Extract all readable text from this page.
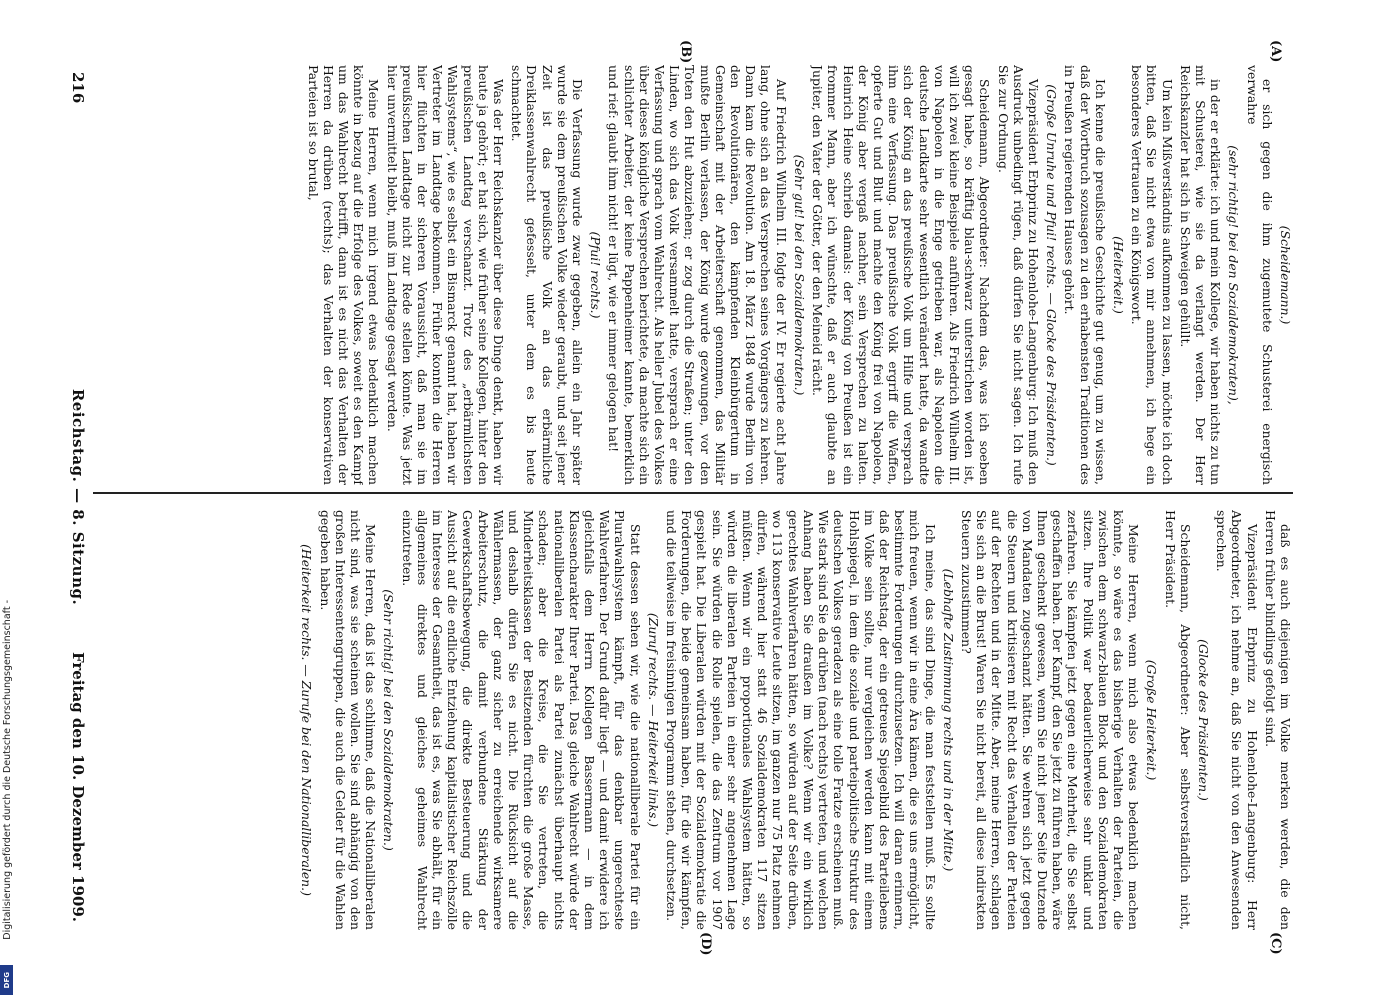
216
Reichstag. — 8. Sitzung.
Freitag den 10. Dezember 1909.
(A)
(B)
(C)
(D)

(Scheidemann.)

er sich gegen die ihm zugemutete Schusterei energisch verwahre

(sehr richtig! bei den Sozialdemokraten),

in der er erklärte: ich und mein Kollege, wir haben nichts zu tun mit Schusterei, wie sie da verlangt werden. Der Herr Reichskanzler hat sich in Schweigen gehüllt.

Um kein Mißverständnis aufkommen zu lassen, möchte ich doch bitten, daß Sie nicht etwa von mir annehmen, ich hege ein besonderes Vertrauen zu ein Königswort.

(Heiterkeit.)

Ich kenne die preußische Geschichte gut genug, um zu wissen, daß der Wortbruch sozusagen zu den erhabensten Traditionen des in Preußen regierenden Hauses gehört.

(Große Unruhe und Pfui! rechts. — Glocke des Präsidenten.)

Vizepräsident Erbprinz zu Hohenlohe-Langenburg: Ich muß den Ausdruck unbedingt rügen, daß dürfen Sie nicht sagen. Ich rufe Sie zur Ordnung.

Scheidemann, Abgeordneter: Nachdem das, was ich soeben gesagt habe, so kräftig blau-schwarz unterstrichen worden ist, will ich zwei kleine Beispiele anführen. Als Friedrich Wilhelm III. von Napoleon in die Enge getrieben war, als Napoleon die deutsche Landkarte sehr wesentlich verändert hatte, da wandte sich der König an das preußische Volk um Hilfe und versprach ihm eine Verfassung. Das preußische Volk ergriff die Waffen, opferte Gut und Blut und machte den König frei von Napoleon, der König aber vergaß nachher, sein Versprechen zu halten. Heinrich Heine schrieb damals: der König von Preußen ist ein frommer Mann, aber ich wünschte, daß er auch glaubte an Jupiter, den Vater der Götter, der den Meineid rächt.

(Sehr gut! bei den Sozialdemokraten.)

Auf Friedrich Wilhelm III. folgte der IV. Er regierte acht Jahre lang, ohne sich an das Versprechen seines Vorgängers zu kehren. Dann kam die Revolution. Am 18. März 1848 wurde Berlin von den Revolutionären, den kämpfenden Kleinbürgertum in Gemeinschaft mit der Arbeiterschaft genommen, das Militär mußte Berlin verlassen, der König wurde gezwungen, vor den Toten den Hut abzuziehen; er zog durch die Straßen; unter den Linden, wo sich das Volk versammelt hatte, versprach er eine Verfassung und sprach vom Wahlrecht. Als heller Jubel des Volkes über dieses königliche Versprechen berichtete, da machte sich ein schlichter Arbeiter, der keine Pappenheimer kannte, bemerklich und rief: glaubt ihm nicht! er lügt, wie er immer gelogen hat!

(Pfui! rechts.)

Die Verfassung wurde zwar gegeben, allein ein Jahr später wurde sie dem preußischen Volke wieder geraubt, und seit jener Zeit ist das preußische Volk an das erbärmliche Dreiklassenwahlrecht gefesselt, unter dem es bis heute schmachtet.

Was der Herr Reichskanzler über diese Dinge denkt, haben wir heute ja gehört; er hat sich, wie früher seine Kollegen, hinter den preußischen Landtag verschanzt. Trotz des „erbärmlichsten Wahlsystems“, wie es selbst ein Bismarck genannt hat, haben wir Vertreter im Landtage bekommen. Früher konnten die Herren hier flüchten in der sicheren Voraussicht, daß man sie im preußischen Landtage nicht zur Rede stellen könnte. Was jetzt hier unvermittelt bleibt, muß im Landtage gesagt werden.

Meine Herren, wenn mich irgend etwas bedenklich machen könnte in bezug auf die Erfolge des Volkes, soweit es den Kampf um das Wahlrecht betrifft, dann ist es nicht das Verhalten der Herren da drüben (rechts); das Verhalten der konservativen Parteien ist so brutal,

daß es auch diejenigen im Volke merken werden, die den Herren früher blindlings gefolgt sind.

Vizepräsident Erbprinz zu Hohenlohe-Langenburg: Herr Abgeordneter, ich nehme an, daß Sie nicht von den Anwesenden sprechen.

(Glocke des Präsidenten.)

Scheidemann, Abgeordneter: Aber selbstverständlich nicht, Herr Präsident.

(Große Heiterkeit.)

Meine Herren, wenn mich also etwas bedenklich machen könnte, so wäre es das bisherige Verhalten der Parteien, die zwischen dem schwarz-blauen Block und den Sozialdemokraten sitzen. Ihre Politik war bedauerlicherweise sehr unklar und zerfahren. Sie kämpfen jetzt gegen eine Mehrheit, die Sie selbst geschaffen haben. Der Kampf, den Sie jetzt zu führen haben, wäre Ihnen geschenkt gewesen, wenn Sie nicht jener Seite Dutzende von Mandaten zugeschanzt hätten. Sie wehren sich jetzt gegen die Steuern und kritisieren mit Recht das Verhalten der Parteien auf der Rechten und in der Mitte. Aber, meine Herren, schlagen Sie sich an die Brust! Waren Sie nicht bereit, all diese indirekten Steuern zuzustimmen?

(Lebhafte Zustimmung rechts und in der Mitte.)

Ich meine, das sind Dinge, die man feststellen muß. Es sollte mich freuen, wenn wir in eine Ära kämen, die es uns ermöglicht, bestimmte Forderungen durchzusetzen. Ich will daran erinnern, daß der Reichstag, der ein getreues Spiegelbild des Parteilebens im Volke sein sollte, nur vergleichen werden kann mit einem Hohlspiegel, in dem die soziale und parteipolitische Struktur des deutschen Volkes geradezu als eine tolle Fratze erscheinen muß. Wie stark sind Sie da drüben (nach rechts) vertreten, und welchen Anhang haben Sie draußen im Volke? Wenn wir ein wirklich gerechtes Wahlverfahren hätten, so würden auf der Seite drüben, wo 113 konservative Leute sitzen, im ganzen nur 75 Platz nehmen dürfen, während hier statt 46 Sozialdemokraten 117 sitzen müßten. Wenn wir ein proportionales Wahlsystem hätten, so würden die liberalen Parteien in einer sehr angenehmen Lage sein. Sie würden die Rolle spielen, die das Zentrum vor 1907 gespielt hat. Die Liberalen würden mit der Sozialdemokratie die Forderungen, die beide gemeinsam haben, für die wir kämpfen, und die teilweise im freisinnigen Programm stehen, durchsetzen.

(Zuruf rechts. — Heiterkeit links.)

Statt dessen sehen wir, wie die nationalliberale Partei für ein Pluralwahlsystem kämpft, für das denkbar ungerechteste Wahlverfahren. Der Grund dafür liegt — und damit erwidere ich gleichfalls dem Herrn Kollegen Bassermann — in dem Klassencharakter Ihrer Partei. Das gleiche Wahlrecht würde der nationalliberalen Partei als Partei zunächst überhaupt nichts schaden; aber die Kreise, die Sie vertreten, die Minderheitsklassen der Besitzenden fürchten die große Masse, und deshalb dürfen Sie es nicht. Die Rücksicht auf die Wählermassen, der ganz sicher zu erreichende wirksamere Arbeiterschutz, die damit verbundene Stärkung der Gewerkschaftsbewegung, die direkte Besteuerung und die Aussicht auf die endliche Entziehung kapitalistischer Reichszölle im Interesse der Gesamtheit, das ist es, was Sie abhält, für ein allgemeines direktes und gleiches geheimes Wahlrecht einzutreten.

(Sehr richtig! bei den Sozialdemokraten.)

Meine Herren, daß ist das schlimme, daß die Nationalliberalen nicht sind, was sie scheinen wollen. Sie sind abhängig von den großen Interessentengruppen, die auch die Gelder für die Wahlen gegeben haben.

(Heiterkeit rechts. — Zurufe bei den Nationalliberalen.)

Digitalisierung gefördert durch die Deutsche Forschungsgemeinschaft -
DFG
